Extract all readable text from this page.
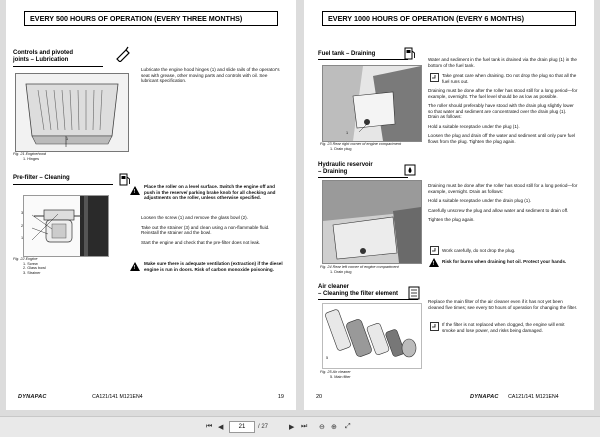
EVERY 500 HOURS OF OPERATION (EVERY THREE MONTHS)
Controls and pivoted
joints – Lubrication
1
Fig. 21 Enginehood
1. Hinges

Lubricate the engine hood hinges (1) and slide rails of the operator's seat with grease, other moving parts and controls with oil. See lubricant specification.

Pre-filter – Cleaning
3
2
1
Fig. 22 Engine
1. Screw
2. Glass bowl
3. Strainer
!
Place the roller on a level surface. Switch the engine off and push in the reserve/ parking brake knob for all checking and adjustments on the roller, unless otherwise specified.

Loosen the screw (1) and remove the glass bowl (2).

Take out the strainer (3) and clean using a non-flammable fluid. Reinstall the strainer and the bowl.

Start the engine and check that the pre-filter does not leak.

!
Make sure there is adequate ventilation (extraction) if the diesel engine is run in doors. Risk of carbon monoxide poisoning.
DYNAPAC	CA121/141 M121EN4	19
EVERY 1000 HOURS OF OPERATION (EVERY 6 MONTHS)
Fuel tank – Draining
1
Fig. 23 Rear right corner of engine compartment
1. Drain plug

Water and sediment in the fuel tank is drained via the drain plug (1) in the bottom of the fuel tank.

Take great care when draining. Do not drop the plug so that all the fuel runs out.

Draining must be done after the roller has stood still for a long period—for example, overnight. The fuel level should be as low as possible.

The roller should preferably have stood with the drain plug slightly lower so that water and sediment are concentrated over the drain plug (1). Drain as follows:

Hold a suitable receptacle under the plug (1).

Loosen the plug and drain off the water and sediment until only pure fuel flows from the plug. Tighten the plug again.

Hydraulic reservoir
– Draining
Fig. 24 Rear left corner of engine compartment
1. Drain plug

Draining must be done after the roller has stood still for a long period—for example, overnight. Drain as follows:

Hold a suitable receptacle under the drain plug (1).

Carefully unscrew the plug and allow water and sediment to drain off.

Tighten the plug again.

Work carefully, do not drop the plug.
!
Risk for burns when draining hot oil. Protect your hands.
Air cleaner
– Cleaning the filter element
5
Fig. 25 Air cleaner
5. Main filter

Replace the main filter of the air cleaner even if it has not yet been cleaned five times; see every 50 hours of operation for changing the filter.

If the filter is not replaced when clogged, the engine will emit smoke and lose power, and risks being damaged.
20	DYNAPAC CA121/141 M121EN4
⏮ ◀	21	/ 27	▶ ⏭ ⊖ ⊕ ⤢
